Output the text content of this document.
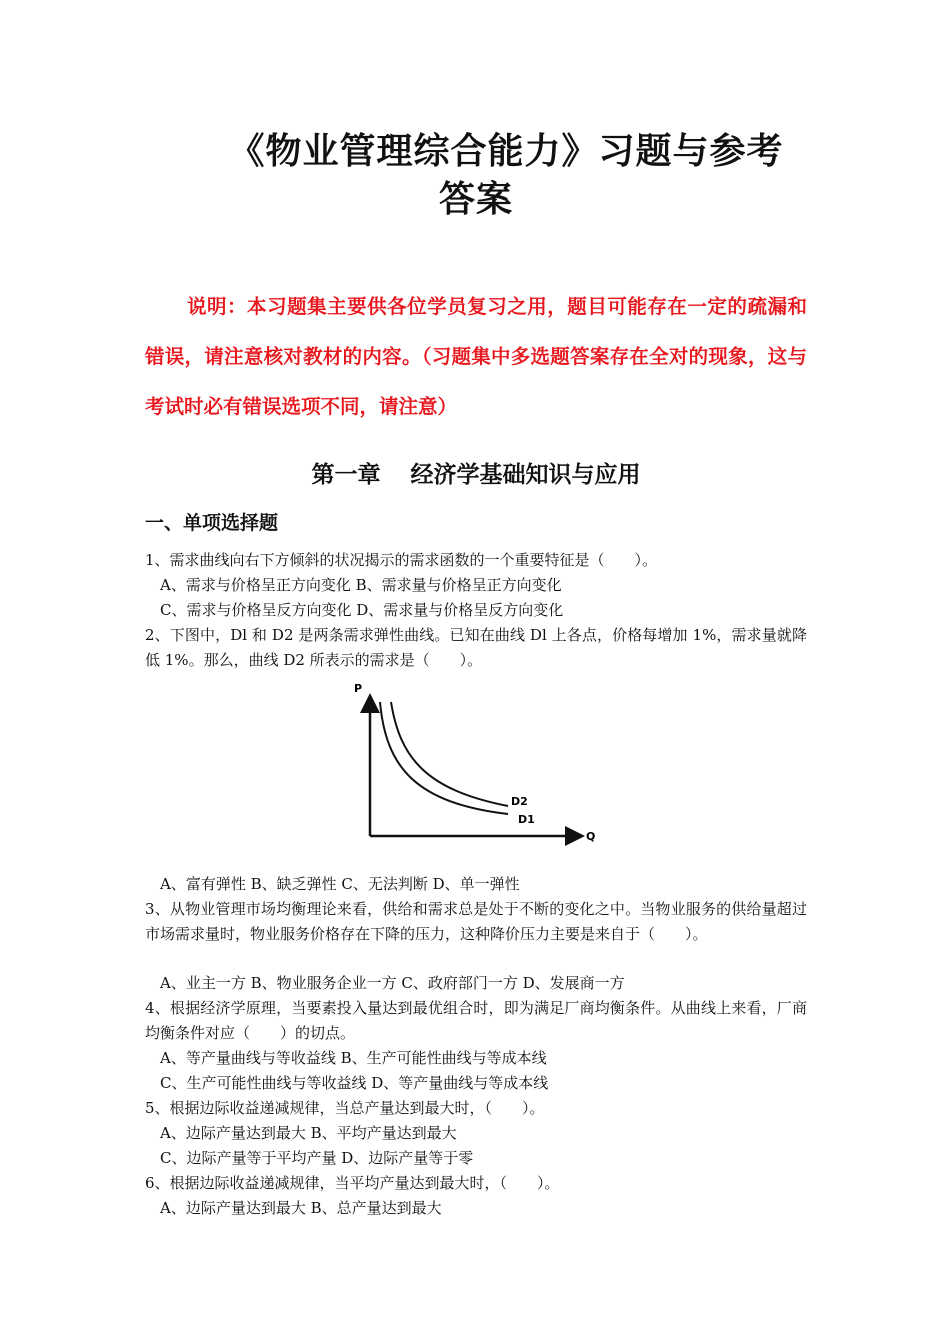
《物业管理综合能力》习题与参考
答案
说明：本习题集主要供各位学员复习之用，题目可能存在一定的疏漏和错误，请注意核对教材的内容。（习题集中多选题答案存在全对的现象，这与考试时必有错误选项不同，请注意）
第一章 经济学基础知识与应用
一、单项选择题
1、需求曲线向右下方倾斜的状况揭示的需求函数的一个重要特征是（　　）。
A、需求与价格呈正方向变化 B、需求量与价格呈正方向变化
C、需求与价格呈反方向变化 D、需求量与价格呈反方向变化
2、下图中，Dl 和 D2 是两条需求弹性曲线。已知在曲线 Dl 上各点，价格每增加 1%，需求量就降低 1%。那么，曲线 D2 所表示的需求是（　　）。
P
Q
D2
D1
A、富有弹性 B、缺乏弹性 C、无法判断 D、单一弹性
3、从物业管理市场均衡理论来看，供给和需求总是处于不断的变化之中。当物业服务的供给量超过市场需求量时，物业服务价格存在下降的压力，这种降价压力主要是来自于（　　）。
A、业主一方 B、物业服务企业一方 C、政府部门一方 D、发展商一方
4、根据经济学原理，当要素投入量达到最优组合时，即为满足厂商均衡条件。从曲线上来看，厂商均衡条件对应（　　）的切点。
A、等产量曲线与等收益线 B、生产可能性曲线与等成本线
C、生产可能性曲线与等收益线 D、等产量曲线与等成本线
5、根据边际收益递减规律，当总产量达到最大时，（　　）。
A、边际产量达到最大 B、平均产量达到最大
C、边际产量等于平均产量 D、边际产量等于零
6、根据边际收益递减规律，当平均产量达到最大时，（　　）。
A、边际产量达到最大 B、总产量达到最大
